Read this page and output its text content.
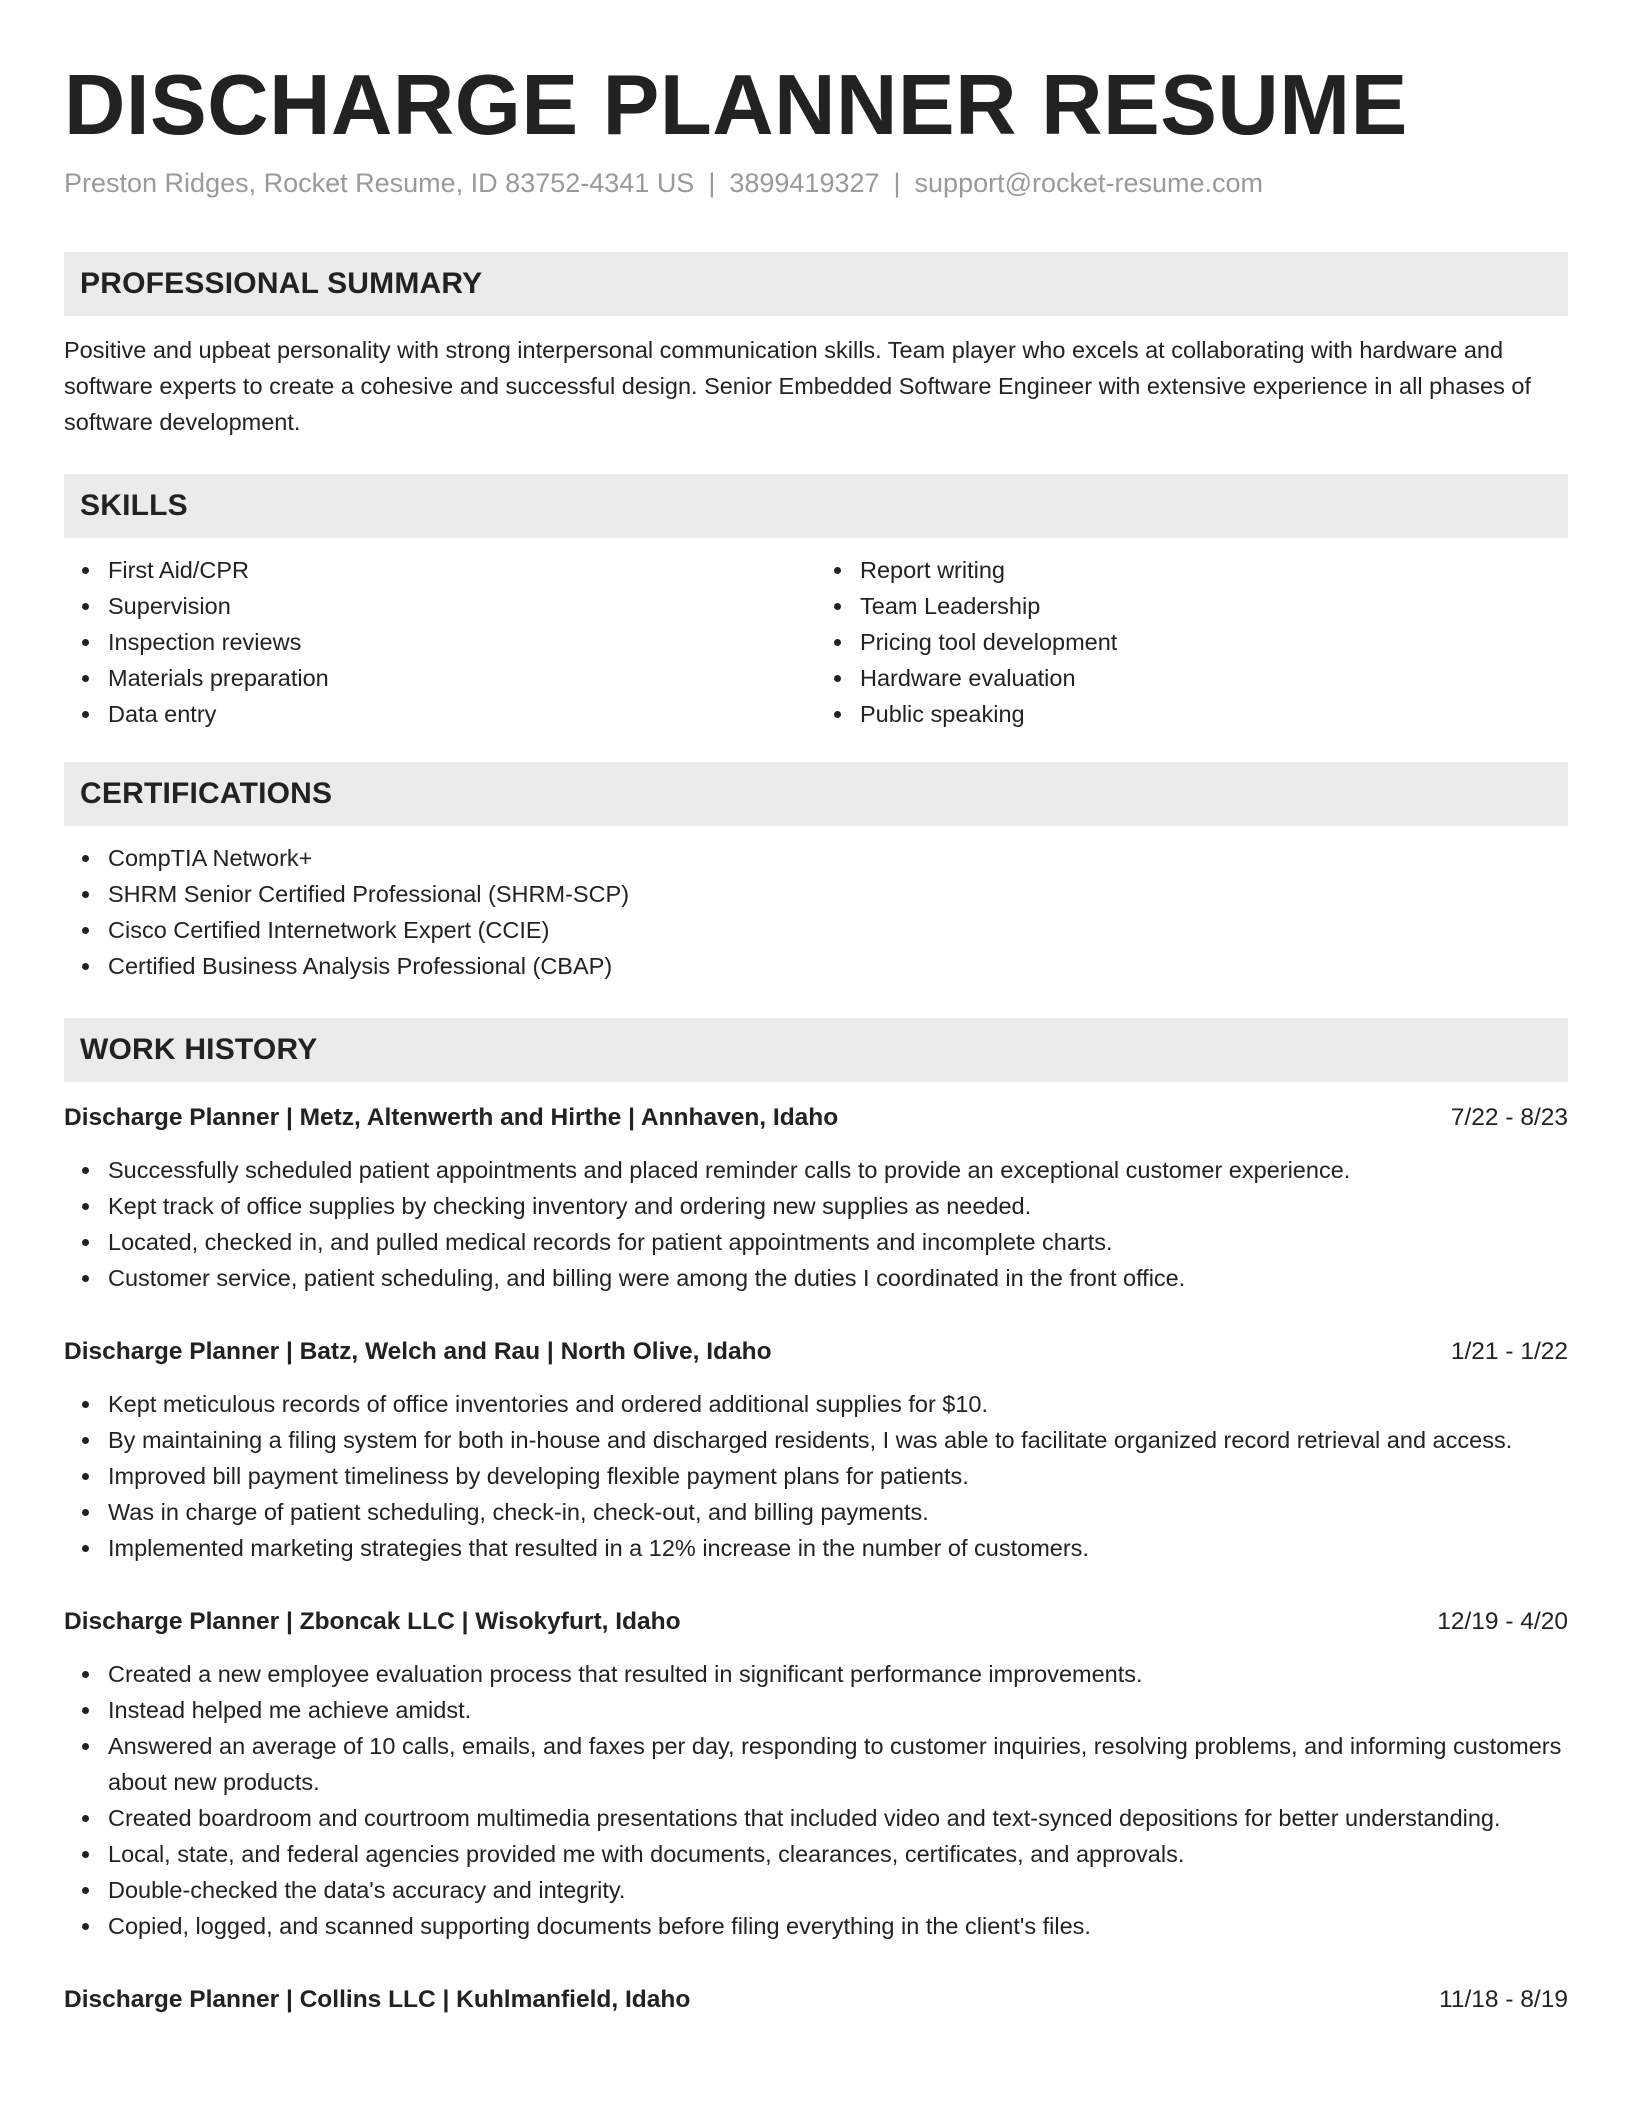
DISCHARGE PLANNER RESUME
Preston Ridges, Rocket Resume, ID 83752-4341 US | 3899419327 | support@rocket-resume.com
PROFESSIONAL SUMMARY

Positive and upbeat personality with strong interpersonal communication skills. Team player who excels at collaborating with hardware and software experts to create a cohesive and successful design. Senior Embedded Software Engineer with extensive experience in all phases of software development.

SKILLS
First Aid/CPR
Supervision
Inspection reviews
Materials preparation
Data entry
Report writing
Team Leadership
Pricing tool development
Hardware evaluation
Public speaking
CERTIFICATIONS
CompTIA Network+
SHRM Senior Certified Professional (SHRM-SCP)
Cisco Certified Internetwork Expert (CCIE)
Certified Business Analysis Professional (CBAP)
WORK HISTORY
Discharge Planner | Metz, Altenwerth and Hirthe | Annhaven, Idaho	7/22 - 8/23
Successfully scheduled patient appointments and placed reminder calls to provide an exceptional customer experience.
Kept track of office supplies by checking inventory and ordering new supplies as needed.
Located, checked in, and pulled medical records for patient appointments and incomplete charts.
Customer service, patient scheduling, and billing were among the duties I coordinated in the front office.
Discharge Planner | Batz, Welch and Rau | North Olive, Idaho	1/21 - 1/22
Kept meticulous records of office inventories and ordered additional supplies for $10.
By maintaining a filing system for both in-house and discharged residents, I was able to facilitate organized record retrieval and access.
Improved bill payment timeliness by developing flexible payment plans for patients.
Was in charge of patient scheduling, check-in, check-out, and billing payments.
Implemented marketing strategies that resulted in a 12% increase in the number of customers.
Discharge Planner | Zboncak LLC | Wisokyfurt, Idaho	12/19 - 4/20
Created a new employee evaluation process that resulted in significant performance improvements.
Instead helped me achieve amidst.
Answered an average of 10 calls, emails, and faxes per day, responding to customer inquiries, resolving problems, and informing customers about new products.
Created boardroom and courtroom multimedia presentations that included video and text-synced depositions for better understanding.
Local, state, and federal agencies provided me with documents, clearances, certificates, and approvals.
Double-checked the data's accuracy and integrity.
Copied, logged, and scanned supporting documents before filing everything in the client's files.
Discharge Planner | Collins LLC | Kuhlmanfield, Idaho	11/18 - 8/19
